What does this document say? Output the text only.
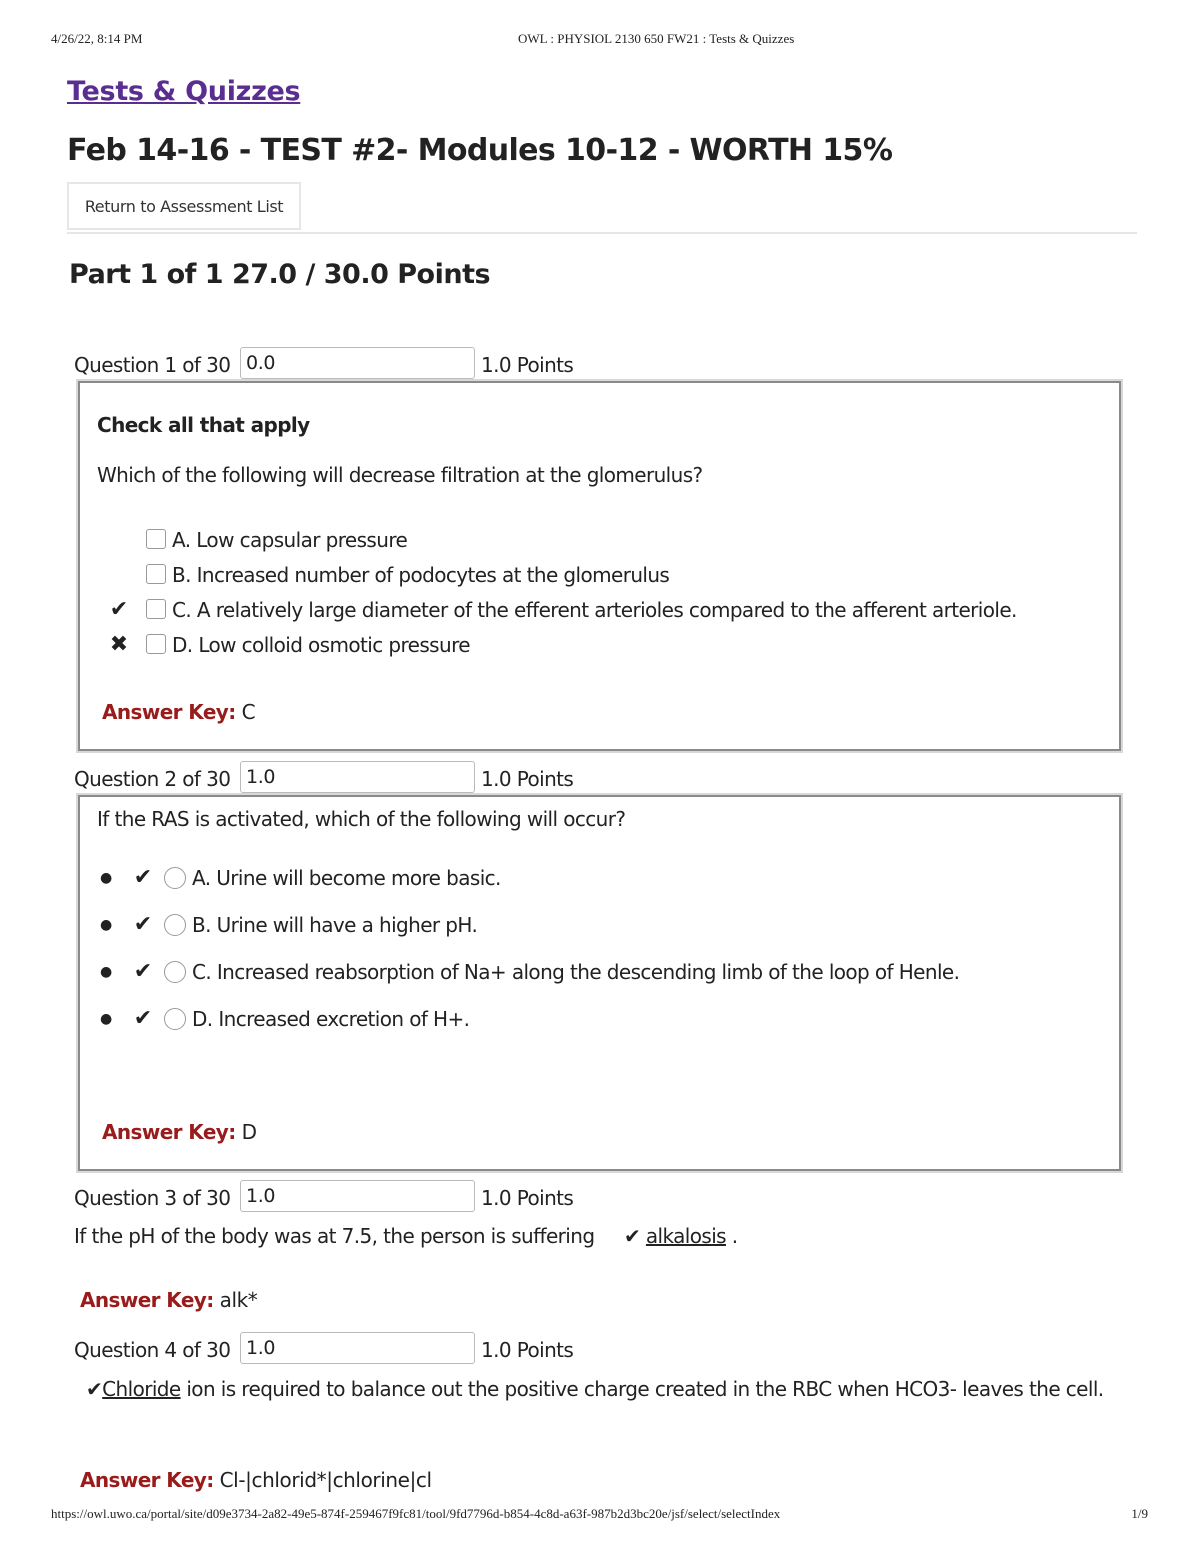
4/26/22, 8:14 PM	OWL : PHYSIOL 2130 650 FW21 : Tests & Quizzes
Tests & Quizzes
Feb 14-16 - TEST #2- Modules 10-12 - WORTH 15%
Return to Assessment List
Part 1 of 1 27.0 / 30.0 Points
Question 1 of 30
0.0	1.0 Points
Check all that apply
Which of the following will decrease filtration at the glomerulus?
A. Low capsular pressure
B. Increased number of podocytes at the glomerulus
✔ C. A relatively large diameter of the efferent arterioles compared to the afferent arteriole.
✖ D. Low colloid osmotic pressure
Answer Key: C
Question 2 of 30
1.0	1.0 Points
If the RAS is activated, which of the following will occur?
● ✔ A. Urine will become more basic.
● ✔ B. Urine will have a higher pH.
● ✔ C. Increased reabsorption of Na+ along the descending limb of the loop of Henle.
● ✔ D. Increased excretion of H+.
Answer Key: D
Question 3 of 30
1.0	1.0 Points
If the pH of the body was at 7.5, the person is suffering ✔ alkalosis .
Answer Key: alk*
Question 4 of 30
1.0	1.0 Points
✔Chloride ion is required to balance out the positive charge created in the RBC when HCO3- leaves the cell.
Answer Key: Cl-|chlorid*|chlorine|cl
https://owl.uwo.ca/portal/site/d09e3734-2a82-49e5-874f-259467f9fc81/tool/9fd7796d-b854-4c8d-a63f-987b2d3bc20e/jsf/select/selectIndex	1/9
